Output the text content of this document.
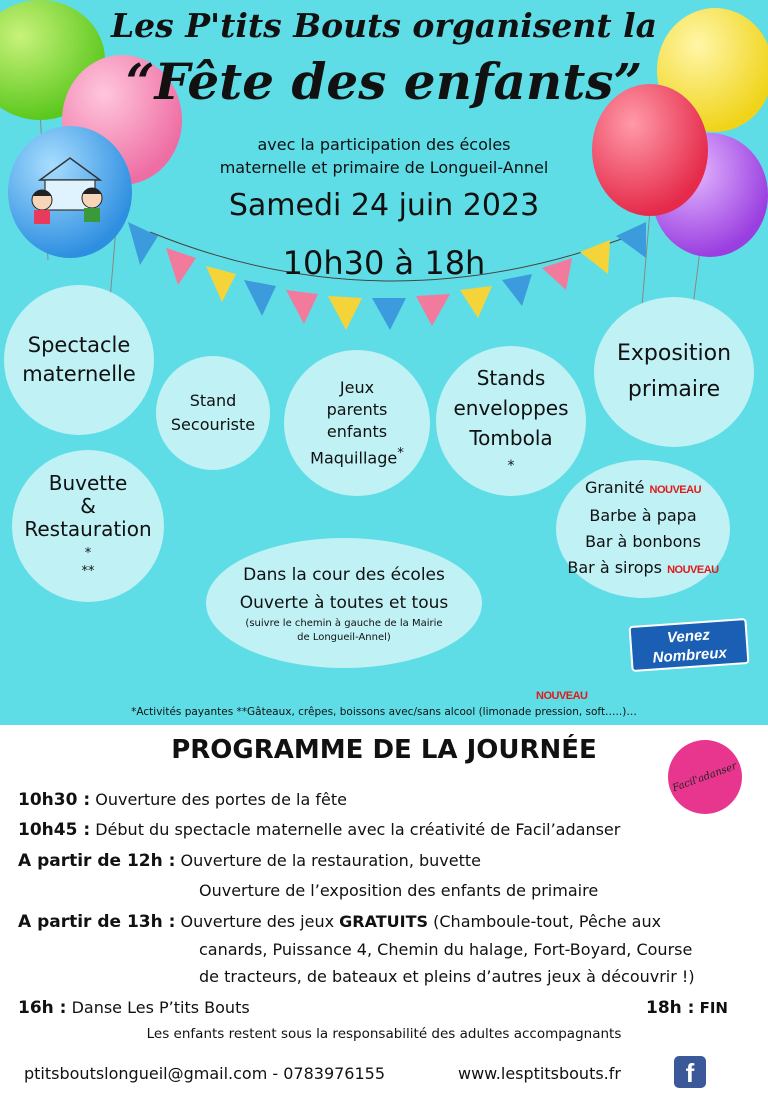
Les P'tits Bouts organisent la
“Fête des enfants”
avec la participation des écoles
maternelle et primaire de Longueil-Annel
Samedi 24 juin 2023
10h30 à 18h
Spectacle
maternelle
Stand
Secouriste
Jeux
parents
enfants
Maquillage*
Stands
enveloppes
Tombola
*
Exposition
primaire
Buvette
&
Restauration
*
**
Granité NOUVEAU
Barbe à papa
Bar à bonbons
Bar à sirops NOUVEAU
Dans la cour des écoles
Ouverte à toutes et tous
(suivre le chemin à gauche de la Mairie
de Longueil-Annel)	Venez
Nombreux
NOUVEAU
*Activités payantes **Gâteaux, crêpes, boissons avec/sans alcool (limonade pression, soft…..)…
PROGRAMME DE LA JOURNÉE
Facil'adanser
10h30 : Ouverture des portes de la fête
10h45 : Début du spectacle maternelle avec la créativité de Facil’adanser
A partir de 12h : Ouverture de la restauration, buvette
Ouverture de l’exposition des enfants de primaire
A partir de 13h : Ouverture des jeux GRATUITS (Chamboule-tout, Pêche aux
canards, Puissance 4, Chemin du halage, Fort-Boyard, Course
de tracteurs, de bateaux et pleins d’autres jeux à découvrir !)
16h : Danse Les P’tits Bouts	18h : FIN
Les enfants restent sous la responsabilité des adultes accompagnants
ptitsboutslongueil@gmail.com - 0783976155	www.lesptitsbouts.fr	f
